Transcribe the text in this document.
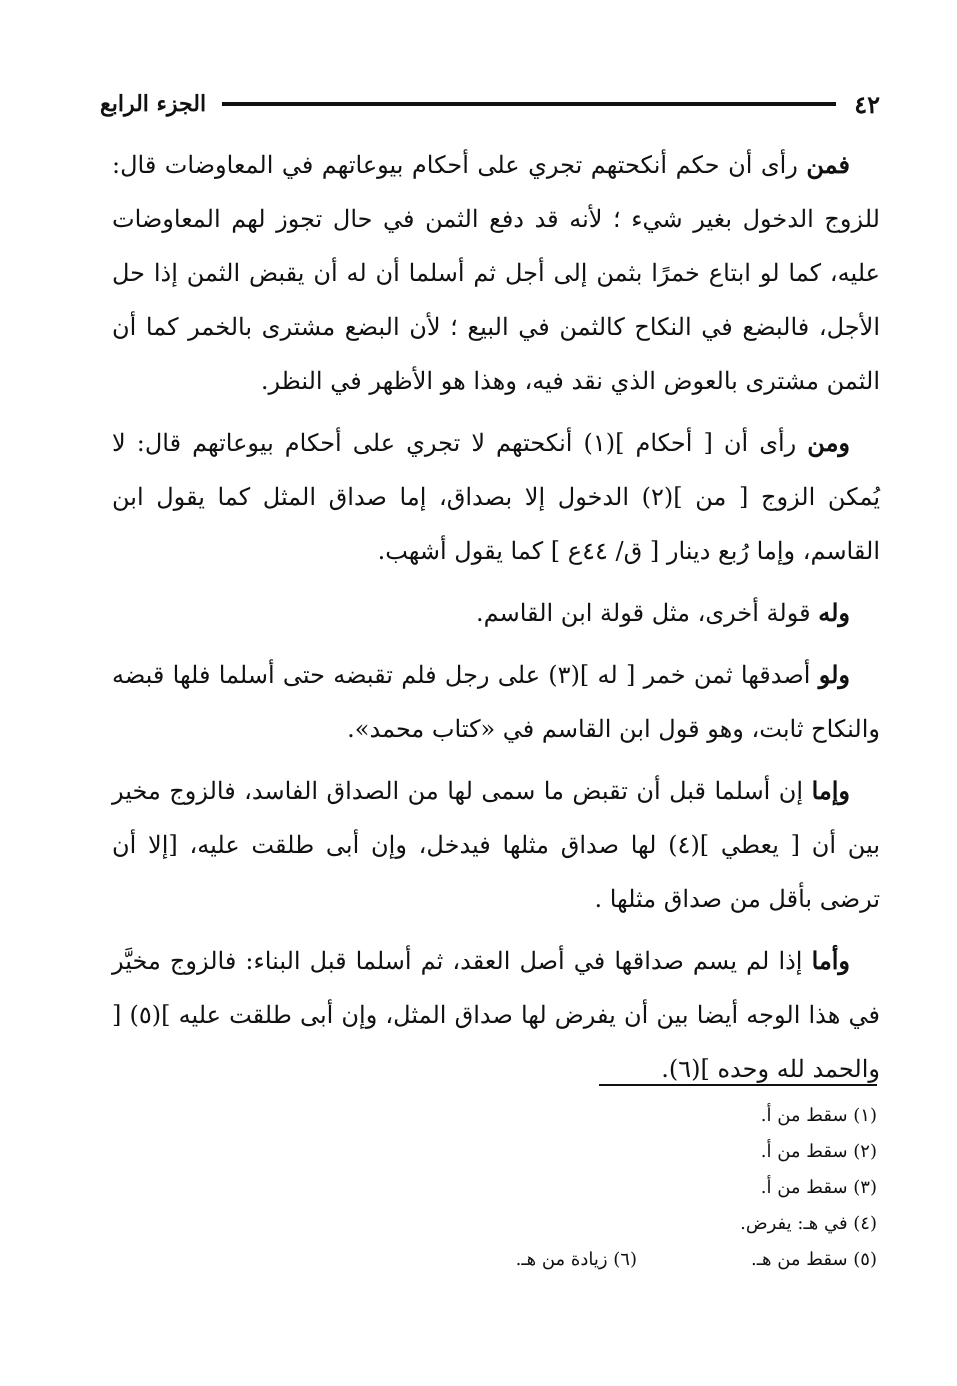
٤٢
الجزء الرابع

فمن رأى أن حكم أنكحتهم تجري على أحكام بيوعاتهم في المعاوضات قال: للزوج الدخول بغير شيء ؛ لأنه قد دفع الثمن في حال تجوز لهم المعاوضات عليه، كما لو ابتاع خمرًا بثمن إلى أجل ثم أسلما أن له أن يقبض الثمن إذا حل الأجل، فالبضع في النكاح كالثمن في البيع ؛ لأن البضع مشترى بالخمر كما أن الثمن مشترى بالعوض الذي نقد فيه، وهذا هو الأظهر في النظر.

ومن رأى أن [ أحكام ](١) أنكحتهم لا تجري على أحكام بيوعاتهم قال: لا يُمكن الزوج [ من ](٢) الدخول إلا بصداق، إما صداق المثل كما يقول ابن القاسم، وإما رُبع دينار [ ق/ ٤٤ع ] كما يقول أشهب.

وله قولة أخرى، مثل قولة ابن القاسم.

ولو أصدقها ثمن خمر [ له ](٣) على رجل فلم تقبضه حتى أسلما فلها قبضه والنكاح ثابت، وهو قول ابن القاسم في «كتاب محمد».

وإما إن أسلما قبل أن تقبض ما سمى لها من الصداق الفاسد، فالزوج مخير بين أن [ يعطي ](٤) لها صداق مثلها فيدخل، وإن أبى طلقت عليه، [إلا أن ترضى بأقل من صداق مثلها .

وأما إذا لم يسم صداقها في أصل العقد، ثم أسلما قبل البناء: فالزوج مخيَّر في هذا الوجه أيضا بين أن يفرض لها صداق المثل، وإن أبى طلقت عليه ](٥) [ والحمد لله وحده ](٦).

(١) سقط من أ.
(٢) سقط من أ.
(٣) سقط من أ.
(٤) في هـ: يفرض.
(٥) سقط من هـ.
(٦) زيادة من هـ.
